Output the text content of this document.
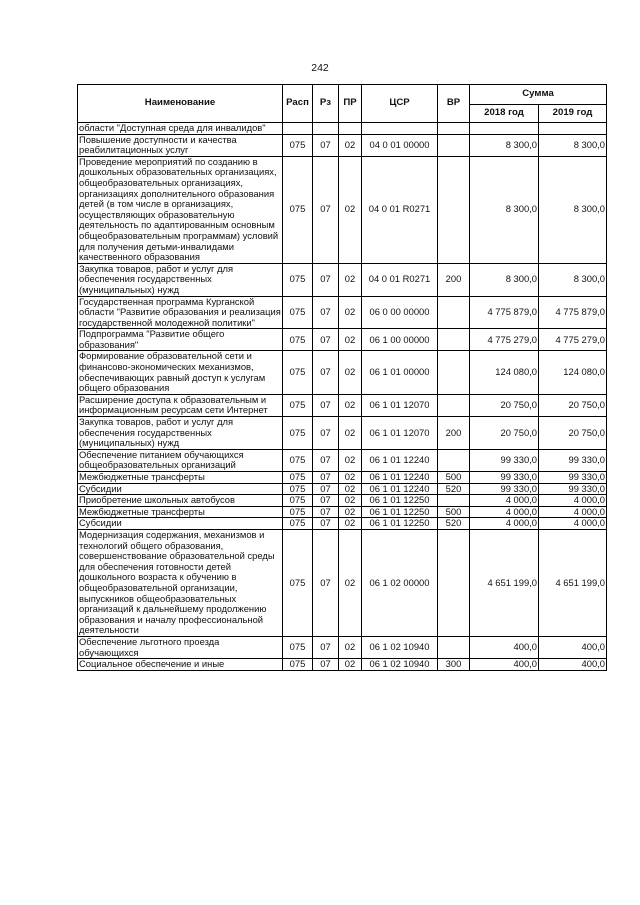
242
Наименование	Расп	Рз	ПР	ЦСР	ВР	Сумма	
						2018 год	2019 год
области "Доступная среда для инвалидов"							
Повышение доступности и качества реабилитационных услуг	075	07	02	04 0 01 00000		8 300,0	8 300,0
Проведение мероприятий по созданию в дошкольных образовательных организациях, общеобразовательных организациях, организациях дополнительного образования детей (в том числе в организациях, осуществляющих образовательную деятельность по адаптированным основным общеобразовательным программам) условий для получения детьми-инвалидами качественного образования	075	07	02	04 0 01 R0271		8 300,0	8 300,0
Закупка товаров, работ и услуг для обеспечения государственных (муниципальных) нужд	075	07	02	04 0 01 R0271	200	8 300,0	8 300,0
Государственная программа Курганской области "Развитие образования и реализация государственной молодежной политики"	075	07	02	06 0 00 00000		4 775 879,0	4 775 879,0
Подпрограмма "Развитие общего образования"	075	07	02	06 1 00 00000		4 775 279,0	4 775 279,0
Формирование образовательной сети и финансово-экономических механизмов, обеспечивающих равный доступ к услугам общего образования	075	07	02	06 1 01 00000		124 080,0	124 080,0
Расширение доступа к образовательным и информационным ресурсам сети Интернет	075	07	02	06 1 01 12070		20 750,0	20 750,0
Закупка товаров, работ и услуг для обеспечения государственных (муниципальных) нужд	075	07	02	06 1 01 12070	200	20 750,0	20 750,0
Обеспечение питанием обучающихся общеобразовательных организаций	075	07	02	06 1 01 12240		99 330,0	99 330,0
Межбюджетные трансферты	075	07	02	06 1 01 12240	500	99 330,0	99 330,0
Субсидии	075	07	02	06 1 01 12240	520	99 330,0	99 330,0
Приобретение школьных автобусов	075	07	02	06 1 01 12250		4 000,0	4 000,0
Межбюджетные трансферты	075	07	02	06 1 01 12250	500	4 000,0	4 000,0
Субсидии	075	07	02	06 1 01 12250	520	4 000,0	4 000,0
Модернизация содержания, механизмов и технологий общего образования, совершенствование образовательной среды для обеспечения готовности детей дошкольного возраста к обучению в общеобразовательной организации, выпускников общеобразовательных организаций к дальнейшему продолжению образования и началу профессиональной деятельности	075	07	02	06 1 02 00000		4 651 199,0	4 651 199,0
Обеспечение льготного проезда обучающихся	075	07	02	06 1 02 10940		400,0	400,0
Социальное обеспечение и иные	075	07	02	06 1 02 10940	300	400,0	400,0
